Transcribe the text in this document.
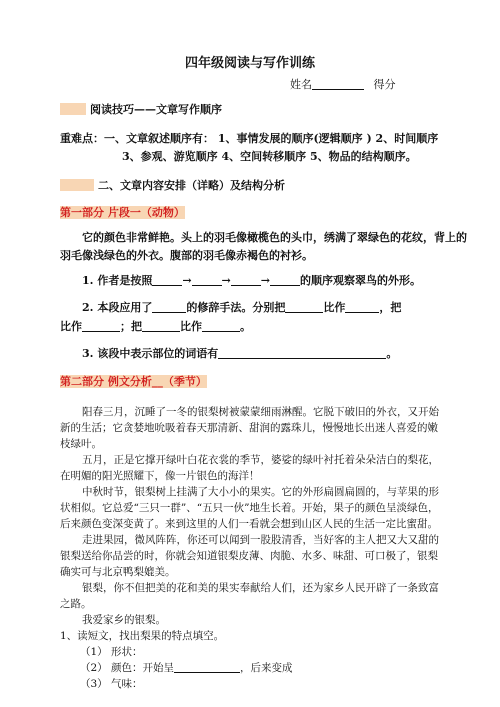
四年级阅读与写作训练
姓名	得分
阅读技巧——文章写作顺序
重难点：一、文章叙述顺序有： 1、事情发展的顺序(逻辑顺序 ) 2、时间顺序
3、参观、游览顺序 4、空间转移顺序 5、物品的结构顺序。
二、文章内容安排（详略）及结构分析
第一部分 片段一（动物）
它的颜色非常鲜艳。头上的羽毛像橄榄色的头巾，绣满了翠绿色的花纹，背上的
羽毛像浅绿色的外衣。腹部的羽毛像赤褐色的衬衫。
1. 作者是按照	→	→	→	的顺序观察翠鸟的外形。
2. 本段应用了	的修辞手法。分别把	比作	，把
比作	；把	比作	。
3. 该段中表示部位的词语有	。
第二部分 例文分析__（季节）
阳春三月，沉睡了一冬的银梨树被蒙蒙细雨淋醒。它脱下破旧的外衣，又开始新的生活；它贪婪地吮吸着春天那清新、甜润的露珠儿，慢慢地长出迷人喜爱的嫩枝绿叶。
五月，正是它撑开绿叶白花衣裳的季节，婆娑的绿叶衬托着朵朵洁白的梨花，在明媚的阳光照耀下，像一片银色的海洋！
中秋时节，银梨树上挂满了大小小的果实。它的外形扁圆扁圆的，与苹果的形状相似。它总爱“三只一群”、“五只一伙”地生长着。开始，果子的颜色呈淡绿色，后来颜色变深变黄了。来到这里的人们一看就会想到山区人民的生活一定比蜜甜。
走进果园，微风阵阵，你还可以闻到一股股清香，当好客的主人把又大又甜的银梨送给你品尝的时，你就会知道银梨皮薄、肉脆、水多、味甜、可口极了，银梨确实可与北京鸭梨媲美。
银梨，你不但把美的花和美的果实奉献给人们，还为家乡人民开辟了一条致富之路。
我爱家乡的银梨。
1、读短文，找出梨果的特点填空。
（1） 形状：
（2） 颜色：开始呈	，后来变成
（3） 气味：
